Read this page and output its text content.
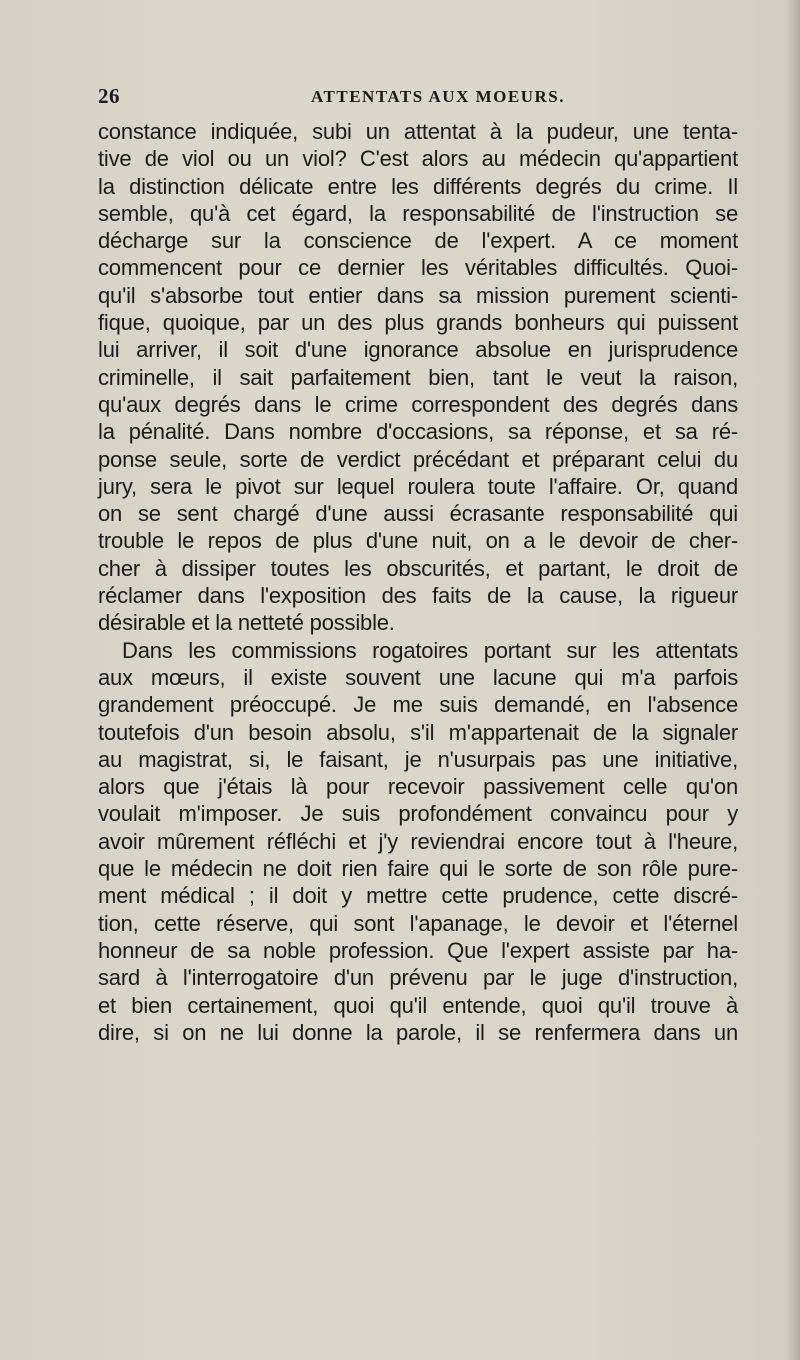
26	ATTENTATS AUX MOEURS.
constance indiquée, subi un attentat à la pudeur, une tenta-
tive de viol ou un viol? C'est alors au médecin qu'appartient
la distinction délicate entre les différents degrés du crime. Il
semble, qu'à cet égard, la responsabilité de l'instruction se
décharge sur la conscience de l'expert. A ce moment
commencent pour ce dernier les véritables difficultés. Quoi-
qu'il s'absorbe tout entier dans sa mission purement scienti-
fique, quoique, par un des plus grands bonheurs qui puissent
lui arriver, il soit d'une ignorance absolue en jurisprudence
criminelle, il sait parfaitement bien, tant le veut la raison,
qu'aux degrés dans le crime correspondent des degrés dans
la pénalité. Dans nombre d'occasions, sa réponse, et sa ré-
ponse seule, sorte de verdict précédant et préparant celui du
jury, sera le pivot sur lequel roulera toute l'affaire. Or, quand
on se sent chargé d'une aussi écrasante responsabilité qui
trouble le repos de plus d'une nuit, on a le devoir de cher-
cher à dissiper toutes les obscurités, et partant, le droit de
réclamer dans l'exposition des faits de la cause, la rigueur
désirable et la netteté possible.
Dans les commissions rogatoires portant sur les attentats
aux mœurs, il existe souvent une lacune qui m'a parfois
grandement préoccupé. Je me suis demandé, en l'absence
toutefois d'un besoin absolu, s'il m'appartenait de la signaler
au magistrat, si, le faisant, je n'usurpais pas une initiative,
alors que j'étais là pour recevoir passivement celle qu'on
voulait m'imposer. Je suis profondément convaincu pour y
avoir mûrement réfléchi et j'y reviendrai encore tout à l'heure,
que le médecin ne doit rien faire qui le sorte de son rôle pure-
ment médical ; il doit y mettre cette prudence, cette discré-
tion, cette réserve, qui sont l'apanage, le devoir et l'éternel
honneur de sa noble profession. Que l'expert assiste par ha-
sard à l'interrogatoire d'un prévenu par le juge d'instruction,
et bien certainement, quoi qu'il entende, quoi qu'il trouve à
dire, si on ne lui donne la parole, il se renfermera dans un
